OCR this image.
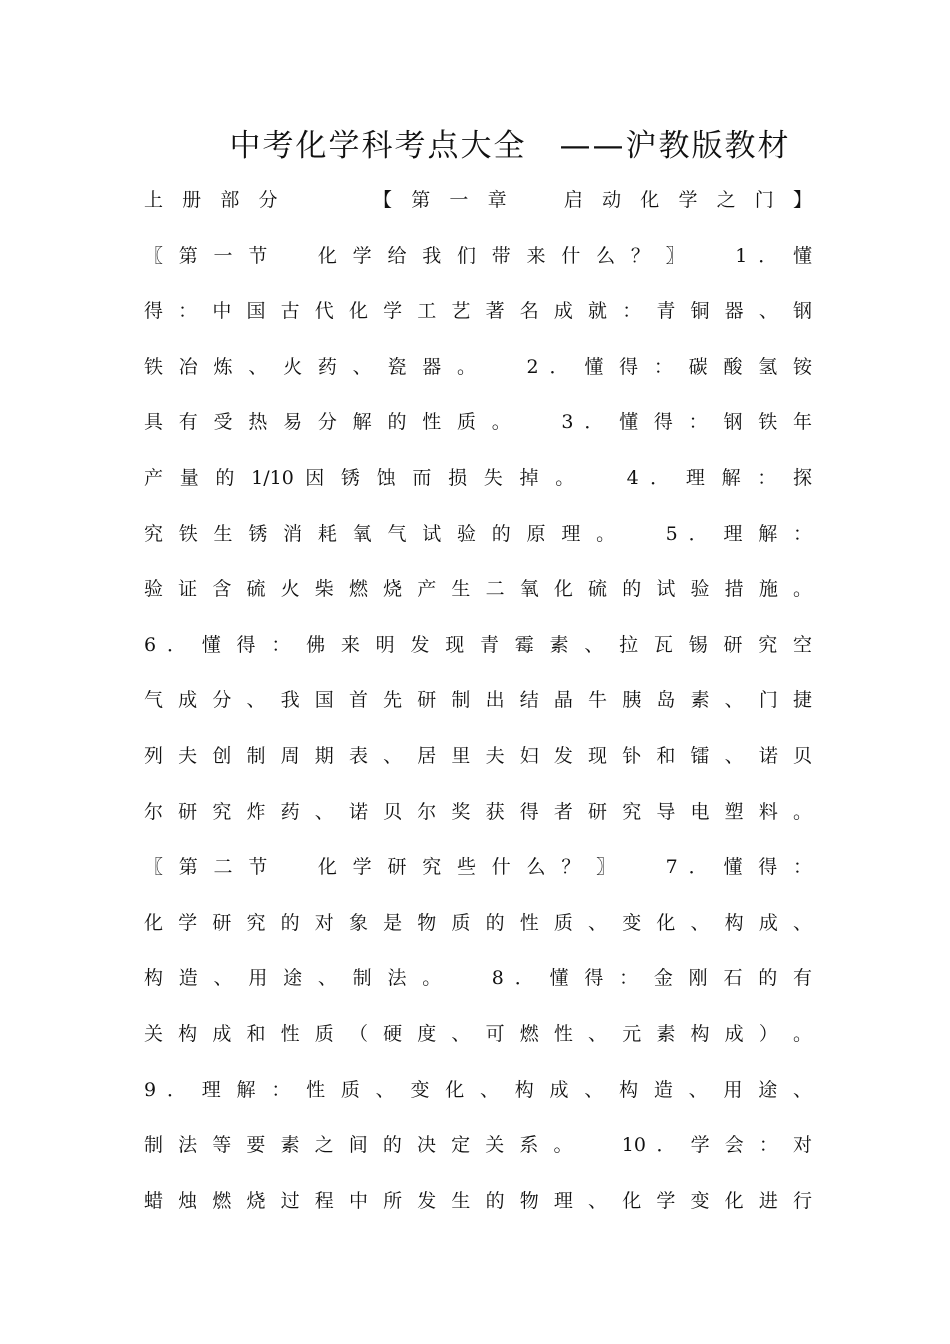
中考化学科考点大全　——沪教版教材
上 册 部 分 　 　 【 第 一 章 　 启 动 化 学 之 门 】
〖 第 一 节 　 化 学 给 我 们 带 来 什 么 ？ 〗 　 1 ． 懂
得 ： 中 国 古 代 化 学 工 艺 著 名 成 就 ： 青 铜 器 、 钢
铁 冶 炼 、 火 药 、 瓷 器 。 　 2 ． 懂 得 ： 碳 酸 氢 铵
具 有 受 热 易 分 解 的 性 质 。 　 3 ． 懂 得 ： 钢 铁 年
产 量 的 1/10 因 锈 蚀 而 损 失 掉 。 　 4 ． 理 解 ： 探
究 铁 生 锈 消 耗 氧 气 试 验 的 原 理 。 　 5 ． 理 解 ：
验 证 含 硫 火 柴 燃 烧 产 生 二 氧 化 硫 的 试 验 措 施 。
6 ． 懂 得 ： 佛 来 明 发 现 青 霉 素 、 拉 瓦 锡 研 究 空
气 成 分 、 我 国 首 先 研 制 出 结 晶 牛 胰 岛 素 、 门 捷
列 夫 创 制 周 期 表 、 居 里 夫 妇 发 现 钋 和 镭 、 诺 贝
尔 研 究 炸 药 、 诺 贝 尔 奖 获 得 者 研 究 导 电 塑 料 。
〖 第 二 节 　 化 学 研 究 些 什 么 ？ 〗 　 7 ． 懂 得 ：
化 学 研 究 的 对 象 是 物 质 的 性 质 、 变 化 、 构 成 、
构 造 、 用 途 、 制 法 。 　 8 ． 懂 得 ： 金 刚 石 的 有
关 构 成 和 性 质 （ 硬 度 、 可 燃 性 、 元 素 构 成 ） 。
9 ． 理 解 ： 性 质 、 变 化 、 构 成 、 构 造 、 用 途 、
制 法 等 要 素 之 间 的 决 定 关 系 。 　 10 ． 学 会 ： 对
蜡 烛 燃 烧 过 程 中 所 发 生 的 物 理 、 化 学 变 化 进 行
